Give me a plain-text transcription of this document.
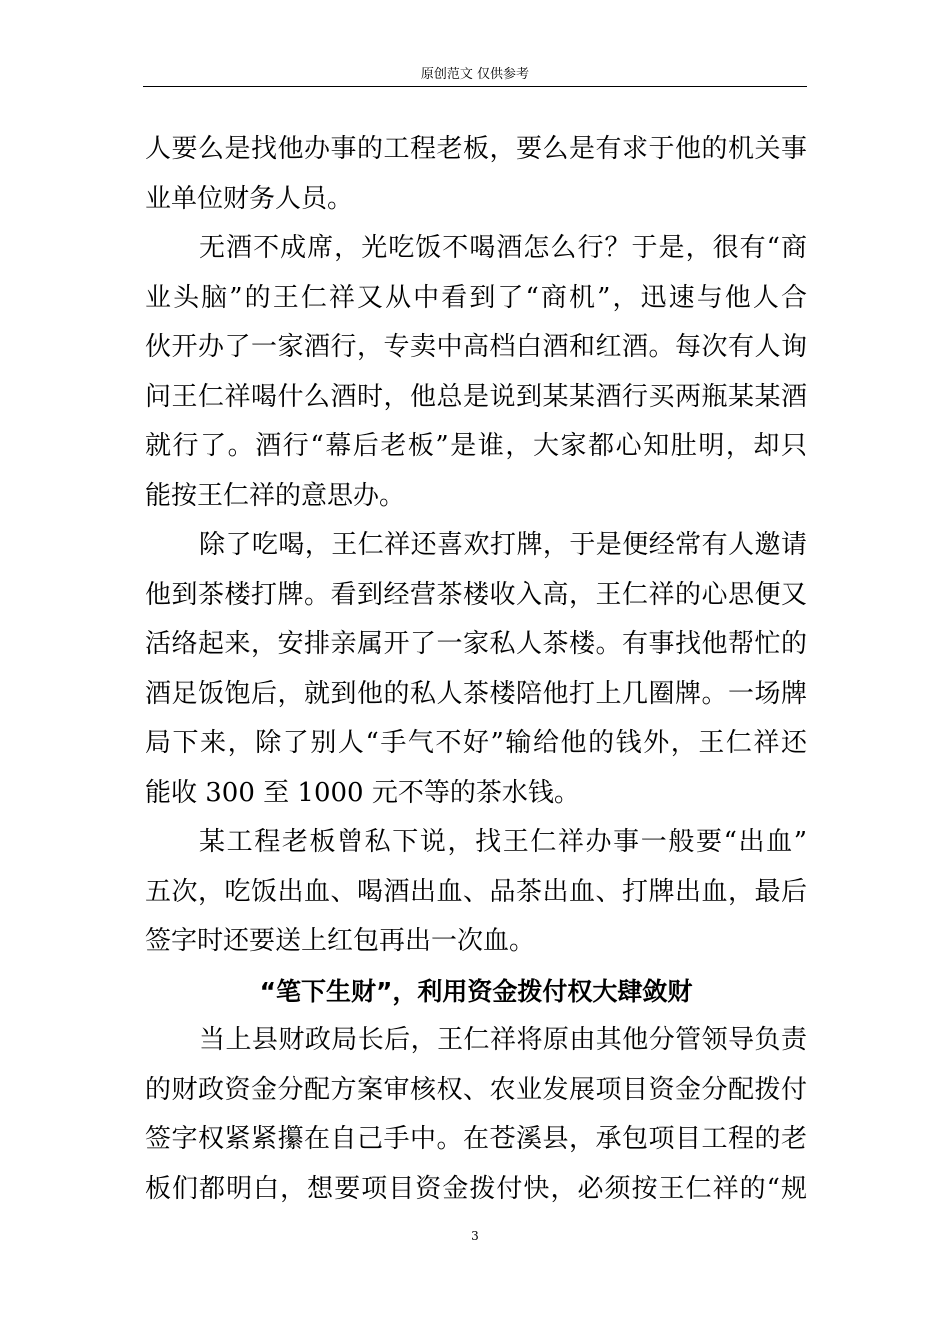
原创范文 仅供参考
人要么是找他办事的工程老板，要么是有求于他的机关事
业单位财务人员。
无酒不成席，光吃饭不喝酒怎么行？于是，很有“商
业头脑”的王仁祥又从中看到了“商机”，迅速与他人合
伙开办了一家酒行，专卖中高档白酒和红酒。每次有人询
问王仁祥喝什么酒时，他总是说到某某酒行买两瓶某某酒
就行了。酒行“幕后老板”是谁，大家都心知肚明，却只
能按王仁祥的意思办。
除了吃喝，王仁祥还喜欢打牌，于是便经常有人邀请
他到茶楼打牌。看到经营茶楼收入高，王仁祥的心思便又
活络起来，安排亲属开了一家私人茶楼。有事找他帮忙的
酒足饭饱后，就到他的私人茶楼陪他打上几圈牌。一场牌
局下来，除了别人“手气不好”输给他的钱外，王仁祥还
能收 300 至 1000 元不等的茶水钱。
某工程老板曾私下说，找王仁祥办事一般要“出血”
五次，吃饭出血、喝酒出血、品茶出血、打牌出血，最后
签字时还要送上红包再出一次血。
“笔下生财”，利用资金拨付权大肆敛财
当上县财政局长后，王仁祥将原由其他分管领导负责
的财政资金分配方案审核权、农业发展项目资金分配拨付
签字权紧紧攥在自己手中。在苍溪县，承包项目工程的老
板们都明白，想要项目资金拨付快，必须按王仁祥的“规
3
